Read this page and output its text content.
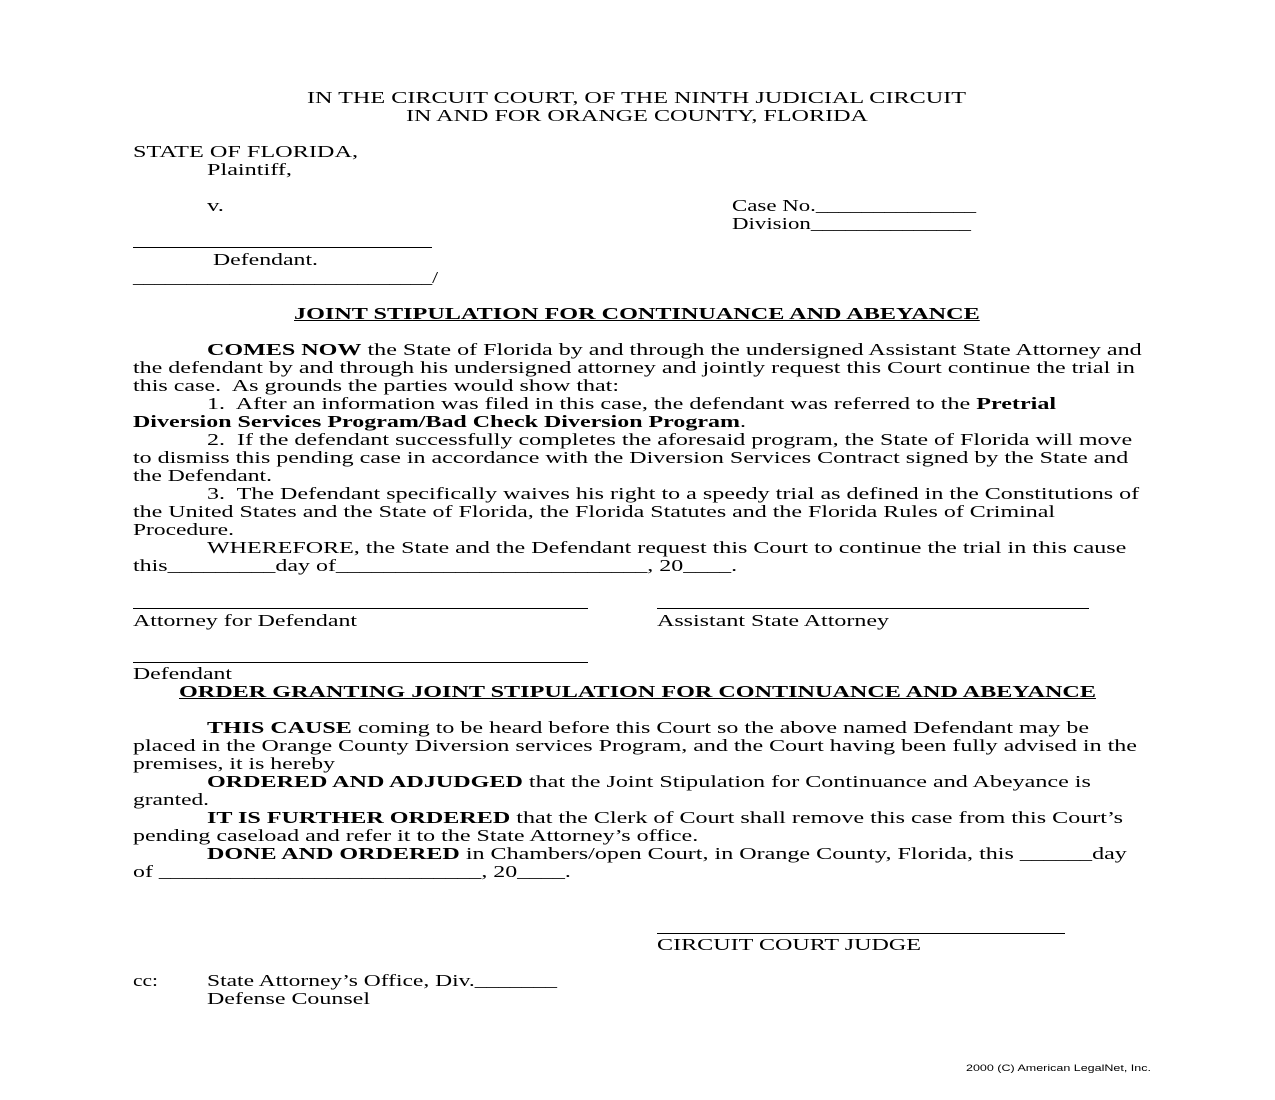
IN THE CIRCUIT COURT, OF THE NINTH JUDICIAL CIRCUIT
IN AND FOR ORANGE COUNTY, FLORIDA
STATE OF FLORIDA,
Plaintiff,
v.	Case No.______________
Division______________
Defendant.
____________________________/
JOINT STIPULATION FOR CONTINUANCE AND ABEYANCE
COMES NOW the State of Florida by and through the undersigned Assistant State Attorney and
the defendant by and through his undersigned attorney and jointly request this Court continue the trial in
this case.  As grounds the parties would show that:
1.  After an information was filed in this case, the defendant was referred to the Pretrial
Diversion Services Program/Bad Check Diversion Program.
2.  If the defendant successfully completes the aforesaid program, the State of Florida will move
to dismiss this pending case in accordance with the Diversion Services Contract signed by the State and
the Defendant.
3.  The Defendant specifically waives his right to a speedy trial as defined in the Constitutions of
the United States and the State of Florida, the Florida Statutes and the Florida Rules of Criminal
Procedure.
WHEREFORE, the State and the Defendant request this Court to continue the trial in this cause
this_________day of__________________________, 20____.
Attorney for Defendant	Assistant State Attorney
Defendant
ORDER GRANTING JOINT STIPULATION FOR CONTINUANCE AND ABEYANCE
THIS CAUSE coming to be heard before this Court so the above named Defendant may be
placed in the Orange County Diversion services Program, and the Court having been fully advised in the
premises, it is hereby
ORDERED AND ADJUDGED that the Joint Stipulation for Continuance and Abeyance is
granted.
IT IS FURTHER ORDERED that the Clerk of Court shall remove this case from this Court’s
pending caseload and refer it to the State Attorney’s office.
DONE AND ORDERED in Chambers/open Court, in Orange County, Florida, this ______day
of ___________________________, 20____.
CIRCUIT COURT JUDGE
cc:	State Attorney’s Office, Div._______
Defense Counsel
2000 (C) American LegalNet, Inc.
